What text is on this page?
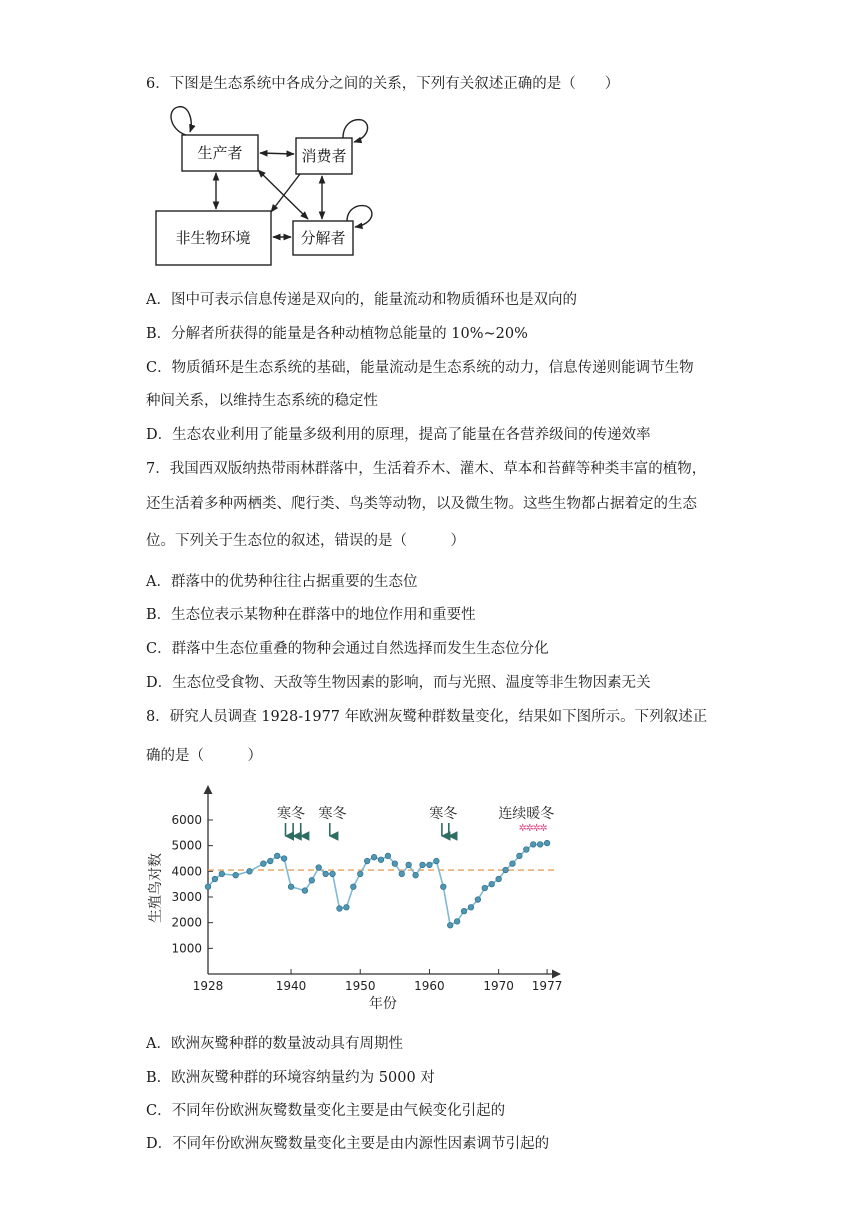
6．下图是生态系统中各成分之间的关系，下列有关叙述正确的是（　　）
生产者	消费者
非生物环境	分解者
A．图中可表示信息传递是双向的，能量流动和物质循环也是双向的
B．分解者所获得的能量是各种动植物总能量的 10%~20%
C．物质循环是生态系统的基础，能量流动是生态系统的动力，信息传递则能调节生物
种间关系，以维持生态系统的稳定性
D．生态农业利用了能量多级利用的原理，提高了能量在各营养级间的传递效率
7．我国西双版纳热带雨林群落中，生活着乔木、灌木、草本和苔藓等种类丰富的植物，
还生活着多种两栖类、爬行类、鸟类等动物，以及微生物。这些生物都占据着定的生态
位。下列关于生态位的叙述，错误的是（　　　）
A．群落中的优势种往往占据重要的生态位
B．生态位表示某物种在群落中的地位作用和重要性
C．群落中生态位重叠的物种会通过自然选择而发生生态位分化
D．生态位受食物、天敌等生物因素的影响，而与光照、温度等非生物因素无关
8．研究人员调查 1928-1977 年欧洲灰鹭种群数量变化，结果如下图所示。下列叙述正
确的是（　　　）
1000
2000
3000
4000
5000
6000
1928	1940	1950	1960	1970 1977
年份
生殖鸟对数
寒冬 寒冬	寒冬	连续暖冬
✲
✲
✲
✲
A．欧洲灰鹭种群的数量波动具有周期性
B．欧洲灰鹭种群的环境容纳量约为 5000 对
C．不同年份欧洲灰鹭数量变化主要是由气候变化引起的
D．不同年份欧洲灰鹭数量变化主要是由内源性因素调节引起的
